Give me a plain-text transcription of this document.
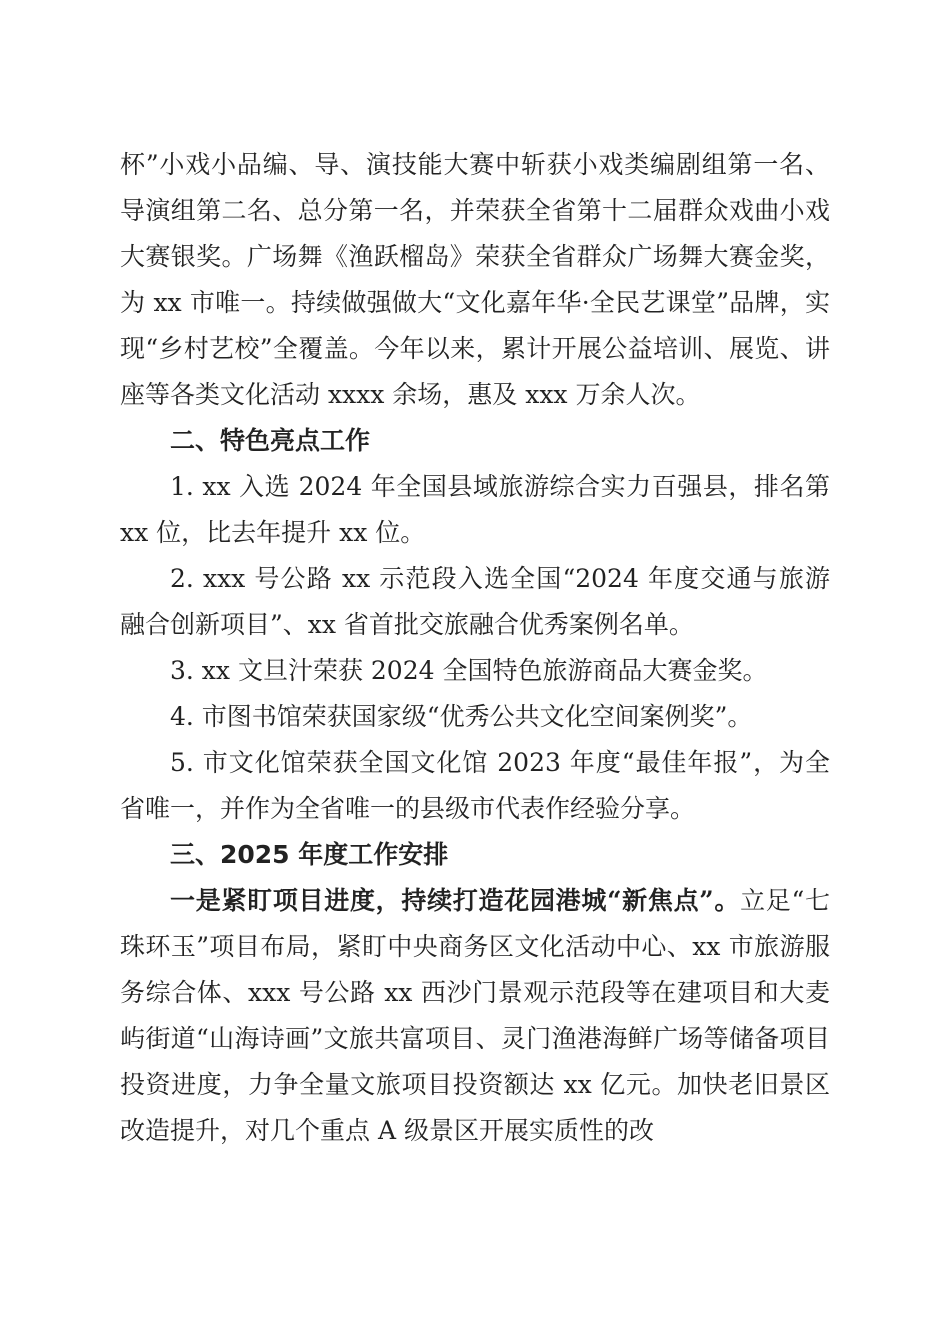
杯”小戏小品编、导、演技能大赛中斩获小戏类编剧组第一名、导演组第二名、总分第一名，并荣获全省第十二届群众戏曲小戏大赛银奖。广场舞《渔跃榴岛》荣获全省群众广场舞大赛金奖，为 xx 市唯一。持续做强做大“文化嘉年华·全民艺课堂”品牌，实现“乡村艺校”全覆盖。今年以来，累计开展公益培训、展览、讲座等各类文化活动 xxxx 余场，惠及 xxx 万余人次。

二、特色亮点工作

1. xx 入选 2024 年全国县域旅游综合实力百强县，排名第 xx 位，比去年提升 xx 位。

2. xxx 号公路 xx 示范段入选全国“2024 年度交通与旅游融合创新项目”、xx 省首批交旅融合优秀案例名单。

3. xx 文旦汁荣获 2024 全国特色旅游商品大赛金奖。

4. 市图书馆荣获国家级“优秀公共文化空间案例奖”。

5. 市文化馆荣获全国文化馆 2023 年度“最佳年报”，为全省唯一，并作为全省唯一的县级市代表作经验分享。

三、2025 年度工作安排

一是紧盯项目进度，持续打造花园港城“新焦点”。立足“七珠环玉”项目布局，紧盯中央商务区文化活动中心、xx 市旅游服务综合体、xxx 号公路 xx 西沙门景观示范段等在建项目和大麦屿街道“山海诗画”文旅共富项目、灵门渔港海鲜广场等储备项目投资进度，力争全量文旅项目投资额达 xx 亿元。加快老旧景区改造提升，对几个重点 A 级景区开展实质性的改
